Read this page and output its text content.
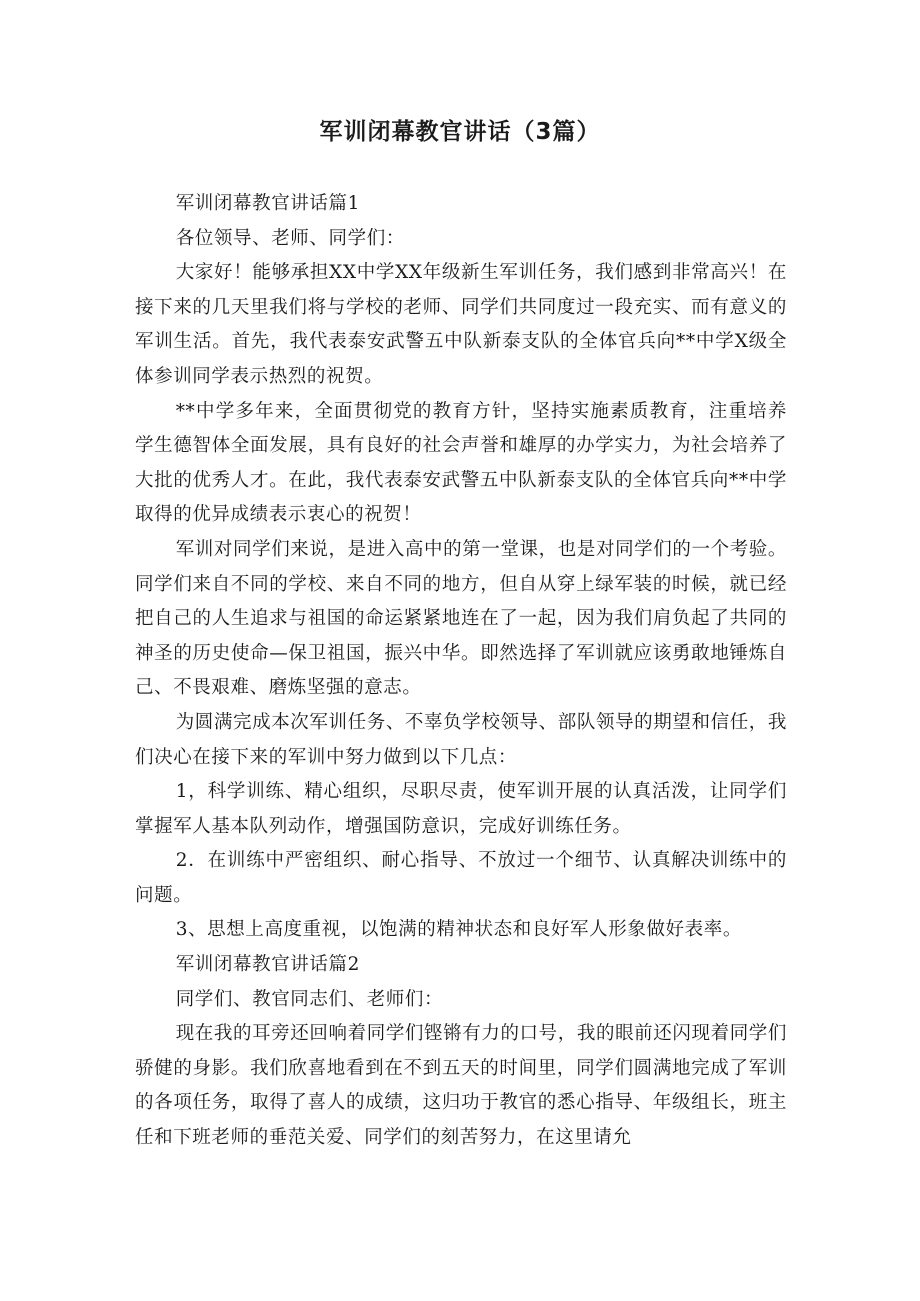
军训闭幕教官讲话（3篇）

军训闭幕教官讲话篇1

各位领导、老师、同学们：

大家好！能够承担XX中学XX年级新生军训任务，我们感到非常高兴！在接下来的几天里我们将与学校的老师、同学们共同度过一段充实、而有意义的军训生活。首先，我代表泰安武警五中队新泰支队的全体官兵向**中学X级全体参训同学表示热烈的祝贺。

**中学多年来，全面贯彻党的教育方针，坚持实施素质教育，注重培养学生德智体全面发展，具有良好的社会声誉和雄厚的办学实力，为社会培养了大批的优秀人才。在此，我代表泰安武警五中队新泰支队的全体官兵向**中学取得的优异成绩表示衷心的祝贺！

军训对同学们来说，是进入高中的第一堂课，也是对同学们的一个考验。同学们来自不同的学校、来自不同的地方，但自从穿上绿军装的时候，就已经把自己的人生追求与祖国的命运紧紧地连在了一起，因为我们肩负起了共同的神圣的历史使命—保卫祖国，振兴中华。即然选择了军训就应该勇敢地锤炼自己、不畏艰难、磨炼坚强的意志。

为圆满完成本次军训任务、不辜负学校领导、部队领导的期望和信任，我们决心在接下来的军训中努力做到以下几点：

1，科学训练、精心组织，尽职尽责，使军训开展的认真活泼，让同学们掌握军人基本队列动作，增强国防意识，完成好训练任务。

2．在训练中严密组织、耐心指导、不放过一个细节、认真解决训练中的问题。

3、思想上高度重视，以饱满的精神状态和良好军人形象做好表率。

军训闭幕教官讲话篇2

同学们、教官同志们、老师们：

现在我的耳旁还回响着同学们铿锵有力的口号，我的眼前还闪现着同学们骄健的身影。我们欣喜地看到在不到五天的时间里，同学们圆满地完成了军训的各项任务，取得了喜人的成绩，这归功于教官的悉心指导、年级组长，班主任和下班老师的垂范关爱、同学们的刻苦努力，在这里请允
